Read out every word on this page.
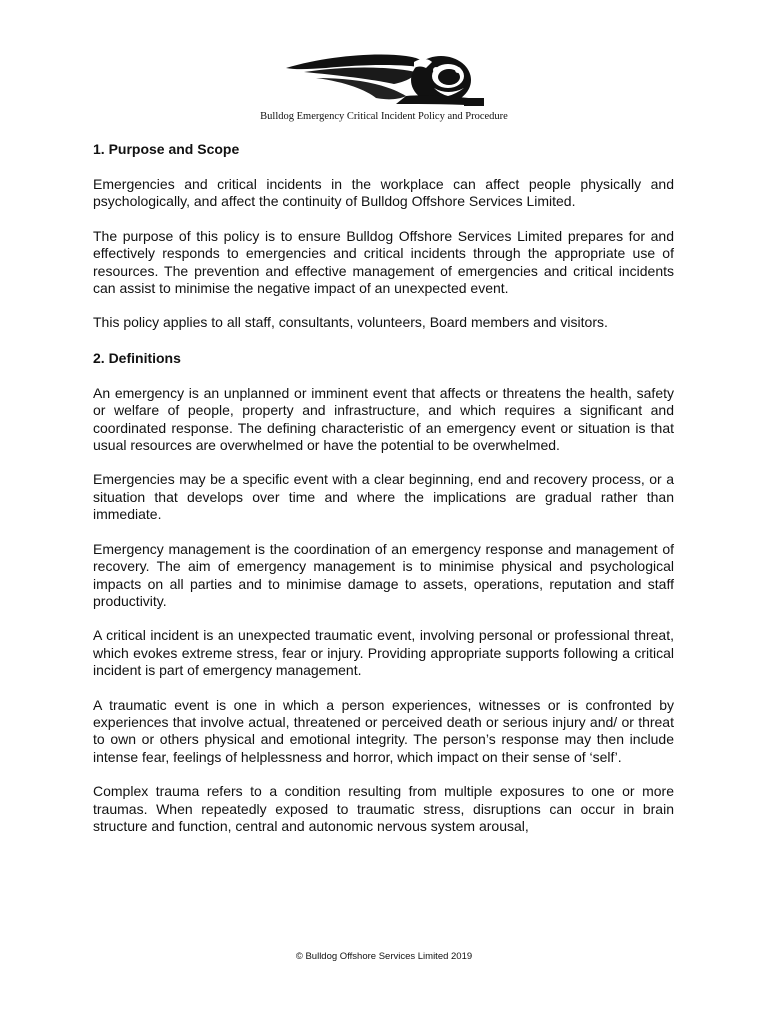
Bulldog Emergency Critical Incident Policy and Procedure
1. Purpose and Scope

Emergencies and critical incidents in the workplace can affect people physically and psychologically, and affect the continuity of Bulldog Offshore Services Limited.

The purpose of this policy is to ensure Bulldog Offshore Services Limited prepares for and effectively responds to emergencies and critical incidents through the appropriate use of resources. The prevention and effective management of emergencies and critical incidents can assist to minimise the negative impact of an unexpected event.

This policy applies to all staff, consultants, volunteers, Board members and visitors.

2. Definitions

An emergency is an unplanned or imminent event that affects or threatens the health, safety or welfare of people, property and infrastructure, and which requires a significant and coordinated response. The defining characteristic of an emergency event or situation is that usual resources are overwhelmed or have the potential to be overwhelmed.

Emergencies may be a specific event with a clear beginning, end and recovery process, or a situation that develops over time and where the implications are gradual rather than immediate.

Emergency management is the coordination of an emergency response and management of recovery. The aim of emergency management is to minimise physical and psychological impacts on all parties and to minimise damage to assets, operations, reputation and staff productivity.

A critical incident is an unexpected traumatic event, involving personal or professional threat, which evokes extreme stress, fear or injury. Providing appropriate supports following a critical incident is part of emergency management.

A traumatic event is one in which a person experiences, witnesses or is confronted by experiences that involve actual, threatened or perceived death or serious injury and/ or threat to own or others physical and emotional integrity. The person’s response may then include intense fear, feelings of helplessness and horror, which impact on their sense of ‘self’.

Complex trauma refers to a condition resulting from multiple exposures to one or more traumas. When repeatedly exposed to traumatic stress, disruptions can occur in brain structure and function, central and autonomic nervous system arousal,

© Bulldog Offshore Services Limited 2019
